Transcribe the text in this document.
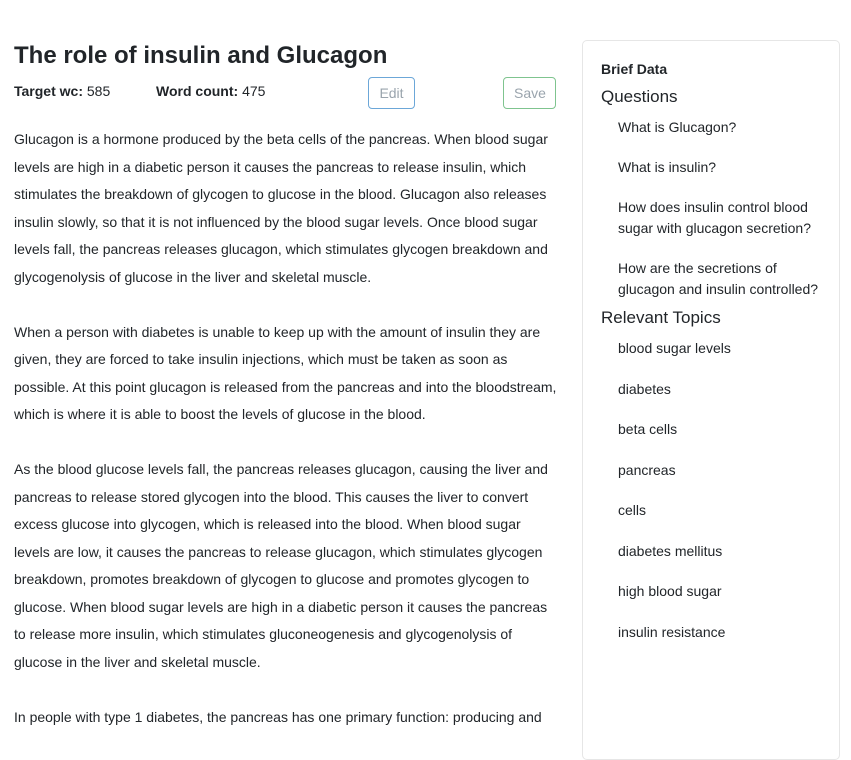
The role of insulin and Glucagon
Target wc: 585	Word count: 475	Edit	Save

Glucagon is a hormone produced by the beta cells of the pancreas. When blood sugar levels are high in a diabetic person it causes the pancreas to release insulin, which stimulates the breakdown of glycogen to glucose in the blood. Glucagon also releases insulin slowly, so that it is not influenced by the blood sugar levels. Once blood sugar levels fall, the pancreas releases glucagon, which stimulates glycogen breakdown and glycogenolysis of glucose in the liver and skeletal muscle.

When a person with diabetes is unable to keep up with the amount of insulin they are given, they are forced to take insulin injections, which must be taken as soon as possible. At this point glucagon is released from the pancreas and into the bloodstream, which is where it is able to boost the levels of glucose in the blood.

As the blood glucose levels fall, the pancreas releases glucagon, causing the liver and pancreas to release stored glycogen into the blood. This causes the liver to convert excess glucose into glycogen, which is released into the blood. When blood sugar levels are low, it causes the pancreas to release glucagon, which stimulates glycogen breakdown, promotes breakdown of glycogen to glucose and promotes glycogen to glucose. When blood sugar levels are high in a diabetic person it causes the pancreas to release more insulin, which stimulates gluconeogenesis and glycogenolysis of glucose in the liver and skeletal muscle.

In people with type 1 diabetes, the pancreas has one primary function: producing and

Brief Data
Questions
What is Glucagon?
What is insulin?
How does insulin control blood sugar with glucagon secretion?
How are the secretions of glucagon and insulin controlled?
Relevant Topics
blood sugar levels
diabetes
beta cells
pancreas
cells
diabetes mellitus
high blood sugar
insulin resistance
